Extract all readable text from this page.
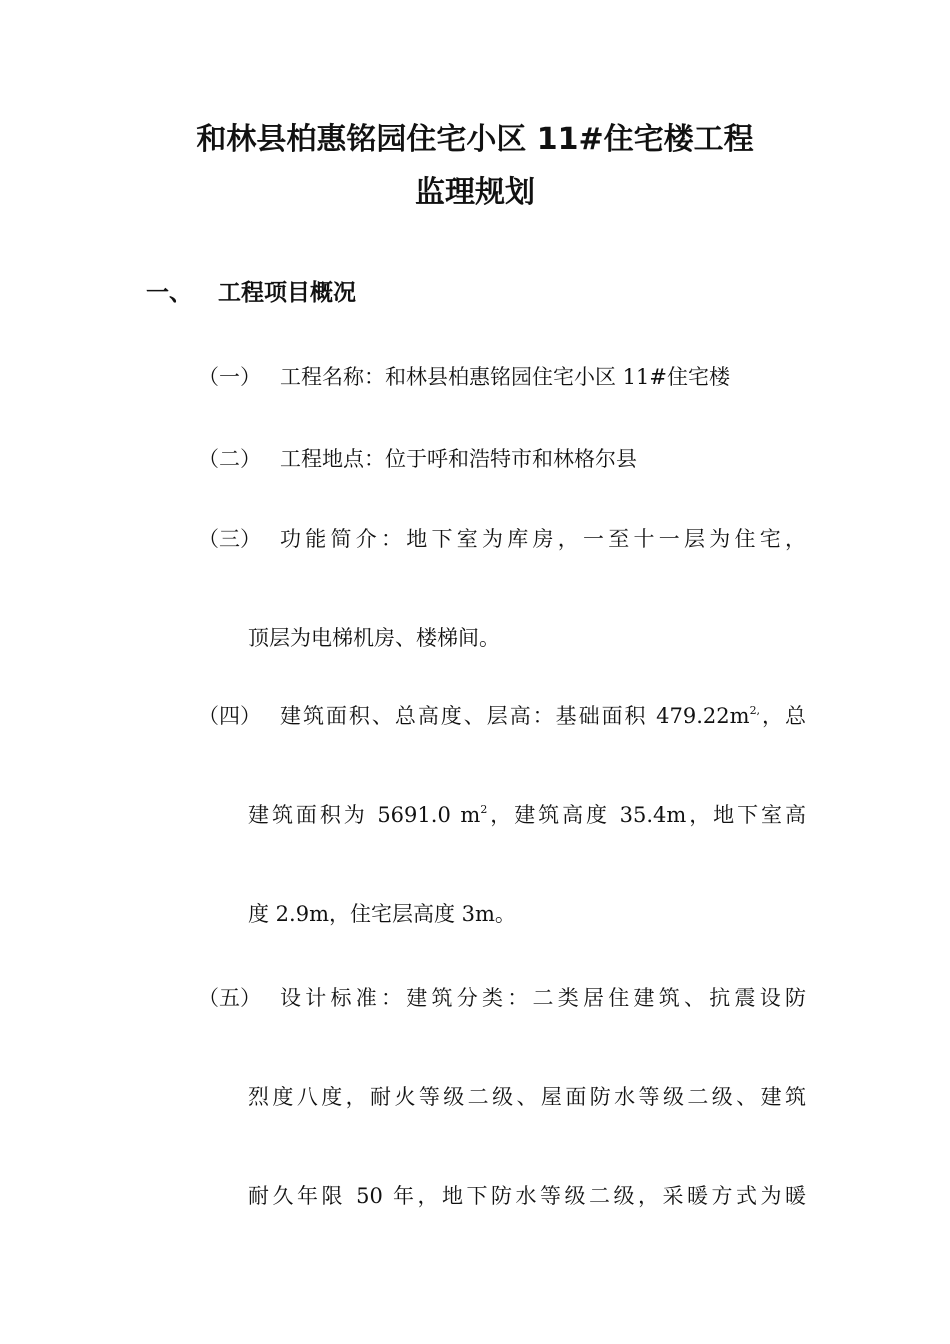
和林县柏惠铭园住宅小区 11#住宅楼工程
监理规划
一、 工程项目概况
（一） 工程名称：和林县柏惠铭园住宅小区 11#住宅楼
（二） 工程地点：位于呼和浩特市和林格尔县
（三） 功能简介：地下室为库房，一至十一层为住宅，
顶层为电梯机房、楼梯间。
（四） 建筑面积、总高度、层高：基础面积 $479.22m^{2,}$，总
建筑面积为 5691.0 $m^2$，建筑高度 35.4m，地下室高
度 2.9m，住宅层高度 3m。
（五） 设计标准：建筑分类：二类居住建筑、抗震设防
烈度八度，耐火等级二级、屋面防水等级二级、建筑
耐久年限 50 年，地下防水等级二级，采暖方式为暖
